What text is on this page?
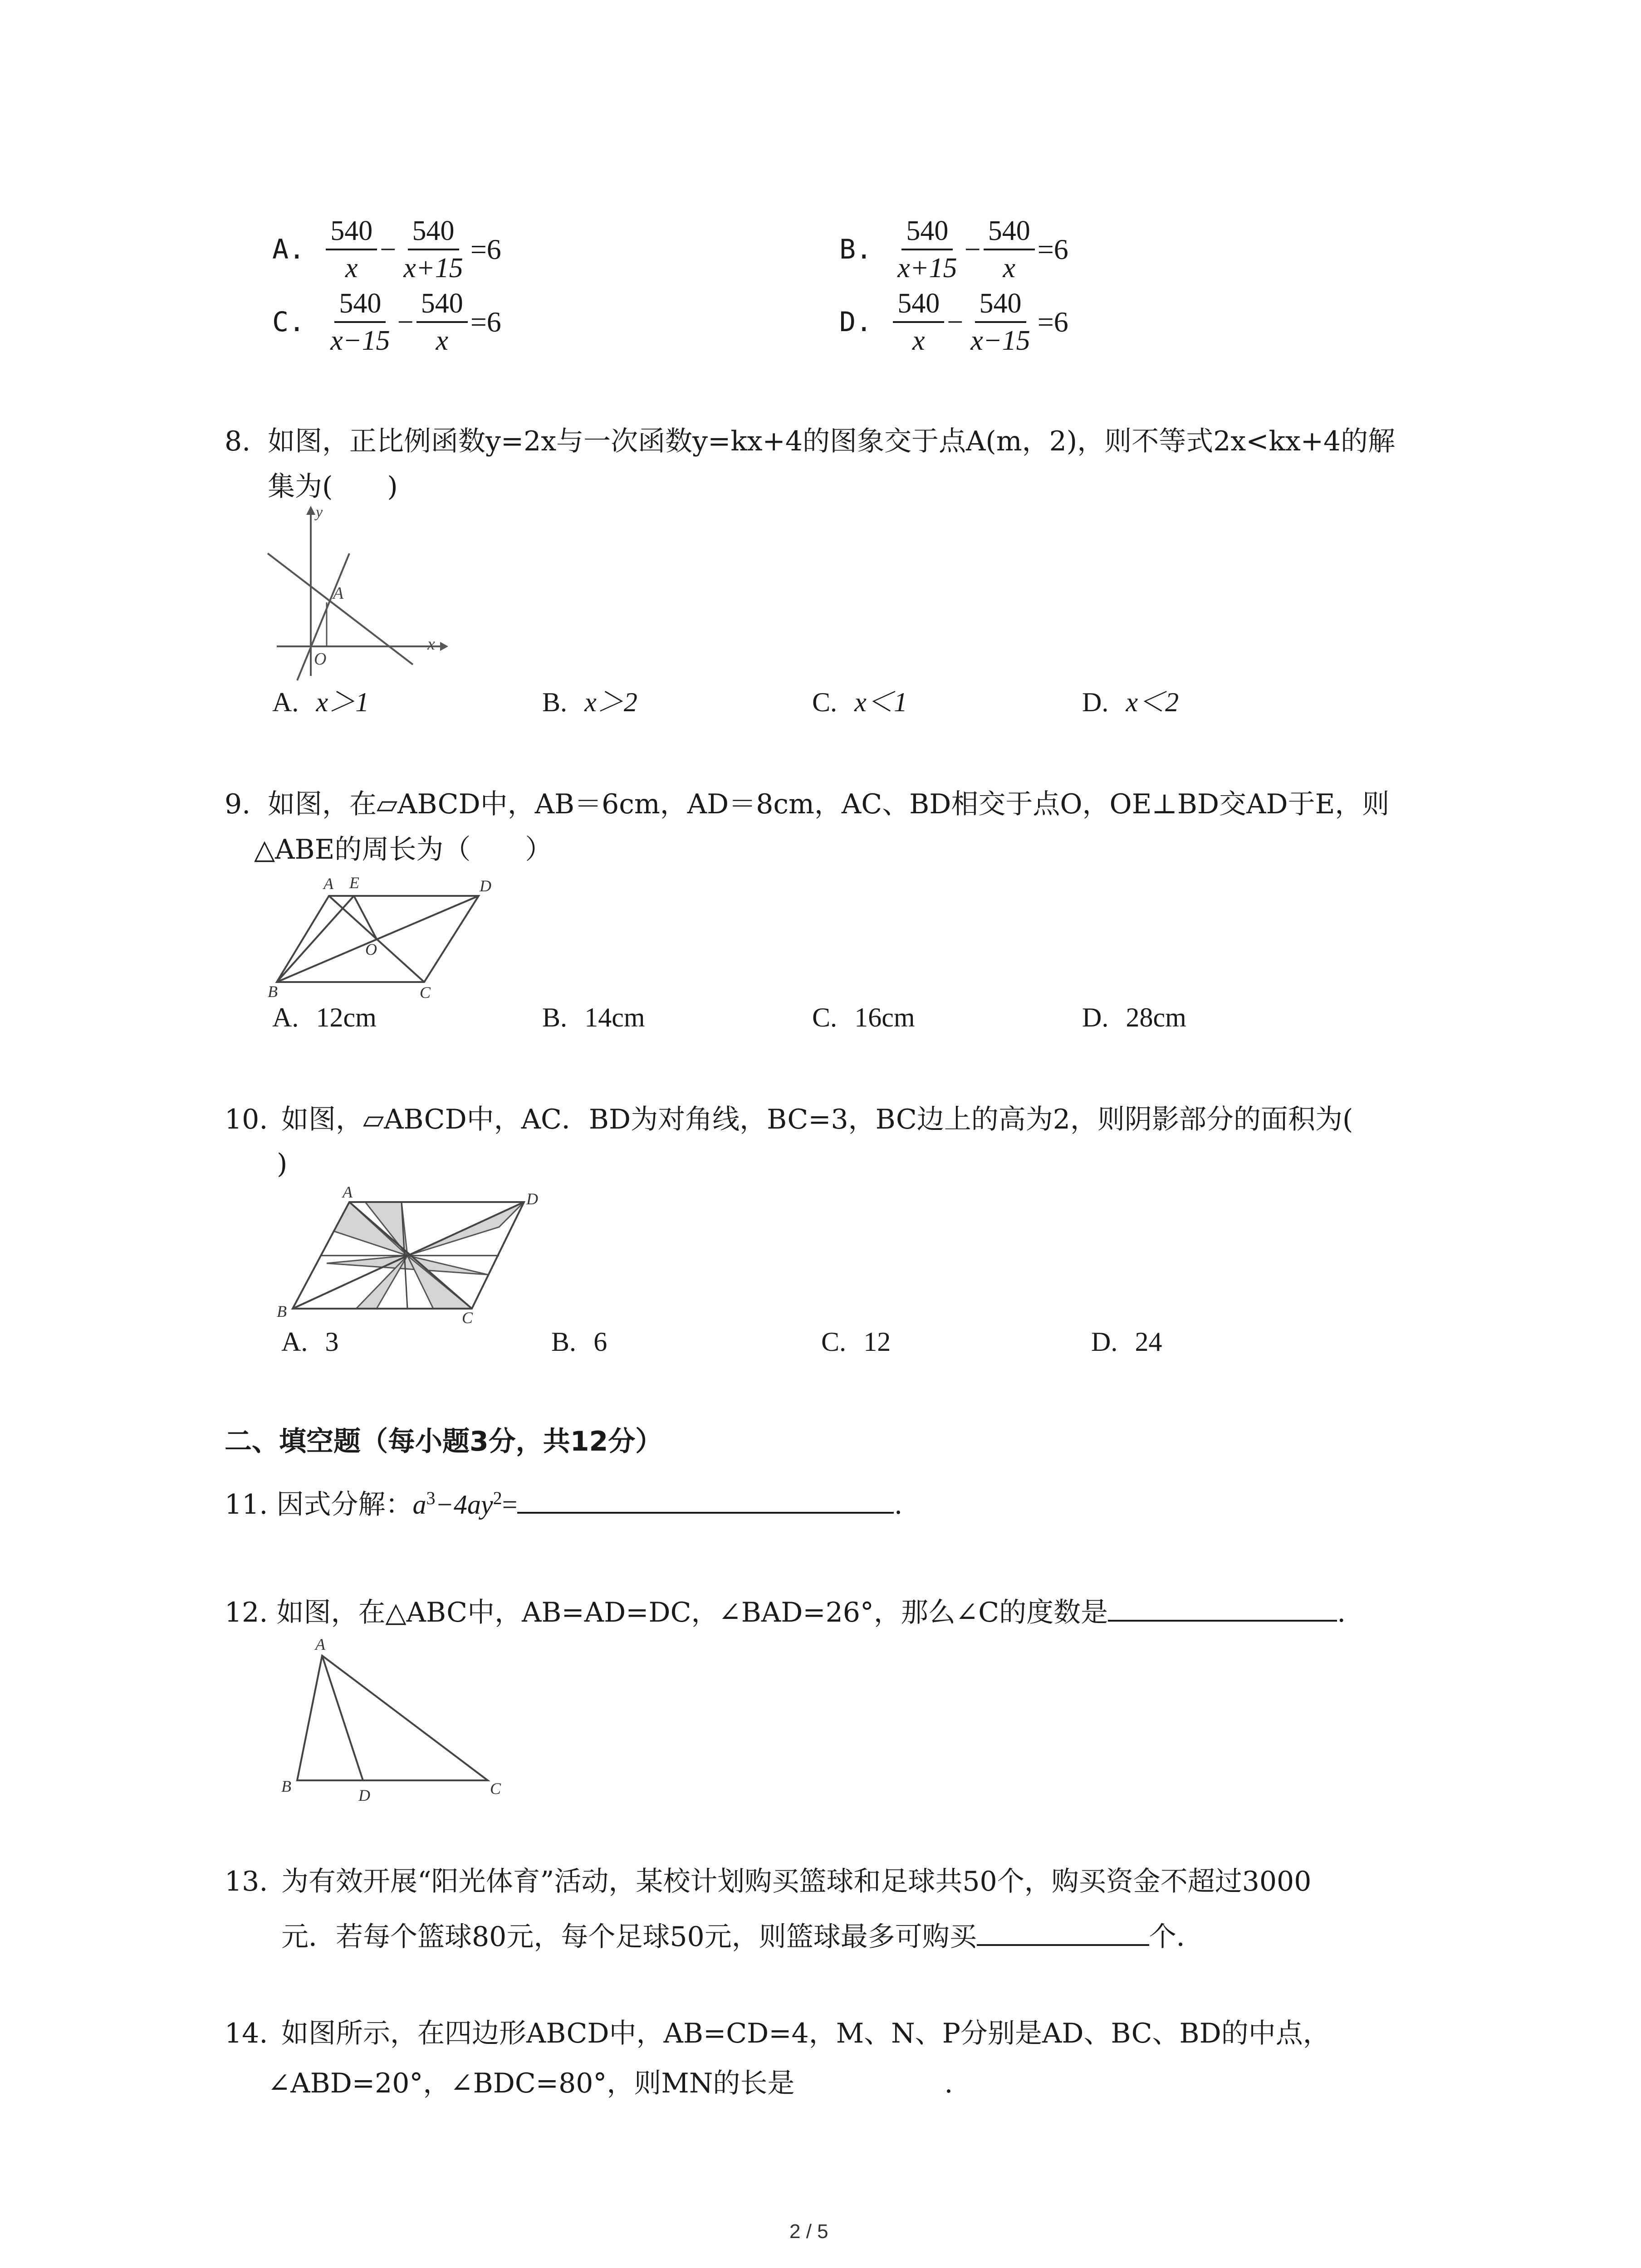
A. $\frac{540}{x} - \frac{540}{x+15} =6$	B. $\frac{540}{x+15} - \frac{540}{x} =6$
C. $\frac{540}{x-15} - \frac{540}{x} =6$	D. $\frac{540}{x} - \frac{540}{x-15} =6$
8. 如图，正比例函数y=2x与一次函数y=kx+4的图象交于点A(m，2)，则不等式2x<kx+4的解
集为(　　)
y
x
O
A
A. x＞1	B. x＞2	C. x＜1	D. x＜2
9. 如图，在▱ABCD中，AB＝6cm，AD＝8cm，AC、BD相交于点O，OE⊥BD交AD于E，则
△ABE的周长为（　　）
A E	D
O
B	C
A. 12cm	B. 14cm	C. 16cm	D. 28cm
10. 如图，▱ABCD中，AC．BD为对角线，BC=3，BC边上的高为2，则阴影部分的面积为(
)
A	D
B	C
A. 3	B. 6	C. 12	D. 24
二、填空题（每小题3分，共12分）
11. 因式分解：$a^3-4ay^2=$	.
12. 如图，在△ABC中，AB=AD=DC，∠BAD=26°，那么∠C的度数是	.
A
B	D	C
13. 为有效开展“阳光体育”活动，某校计划购买篮球和足球共50个，购买资金不超过3000
元．若每个篮球80元，每个足球50元，则篮球最多可购买	个．
14. 如图所示，在四边形ABCD中，AB=CD=4，M、N、P分别是AD、BC、BD的中点，
∠ABD=20°，∠BDC=80°，则MN的长是	.
2 / 5
